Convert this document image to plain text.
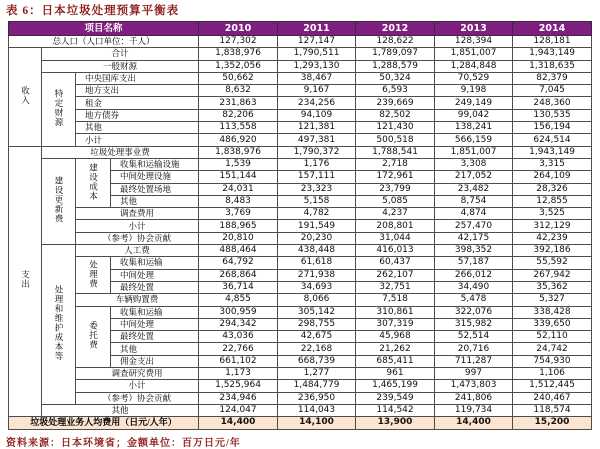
表 6：日本垃圾处理预算平衡表
项目名称				2010	2011	2012	2013	2014
总人口（人口单位：千人）				127,302	127,147	128,622	128,394	128,181
收入	合计			1,838,976	1,790,511	1,789,097	1,851,007	1,943,149
	一般财源			1,352,056	1,293,130	1,288,579	1,284,848	1,318,635
	特定财源	中央国库支出		50,662	38,467	50,324	70,529	82,379
		地方支出		8,632	9,167	6,593	9,198	7,045
		租金		231,863	234,256	239,669	249,149	248,360
		地方债券		82,206	94,109	82,502	99,042	130,535
		其他		113,558	121,381	121,430	138,241	156,194
		小计		486,920	497,381	500,518	566,159	624,514
支出	垃圾处理事业费			1,838,976	1,790,372	1,788,541	1,851,007	1,943,149
	建设更新费	建设成本	收集和运输设施	1,539	1,176	2,718	3,308	3,315
			中间处理设施	151,144	157,111	172,961	217,052	264,109
			最终处置场地	24,031	23,323	23,799	23,482	28,326
			其他	8,483	5,158	5,085	8,754	12,855
		调查费用		3,769	4,782	4,237	4,874	3,525
		小计		188,965	191,549	208,801	257,470	312,129
		（参考）协会贡献		20,810	20,230	31,044	42,175	42,239
	处理和维护成本等	人工费		488,464	438,448	416,013	398,352	392,186
		处理费	收集和运输	64,792	61,618	60,437	57,187	55,592
			中间处理	268,864	271,938	262,107	266,012	267,942
			最终处置	36,714	34,693	32,751	34,490	35,362
		车辆购置费		4,855	8,066	7,518	5,478	5,327
		委托费	收集和运输	300,959	305,142	310,861	322,076	338,428
			中间处理	294,342	298,755	307,319	315,982	339,650
			最终处置	43,036	42,675	45,968	52,514	52,110
			其他	22,766	22,168	21,262	20,716	24,742
			佣金支出	661,102	668,739	685,411	711,287	754,930
		调查研究费用		1,173	1,277	961	997	1,106
		小计		1,525,964	1,484,779	1,465,199	1,473,803	1,512,445
		（参考）协会贡献		234,946	236,950	239,549	241,806	240,467
	其他			124,047	114,043	114,542	119,734	118,574
垃圾处理业务人均费用（日元/人年）				14,400	14,100	13,900	14,400	15,200
资料来源：日本环境省；金额单位：百万日元/年
